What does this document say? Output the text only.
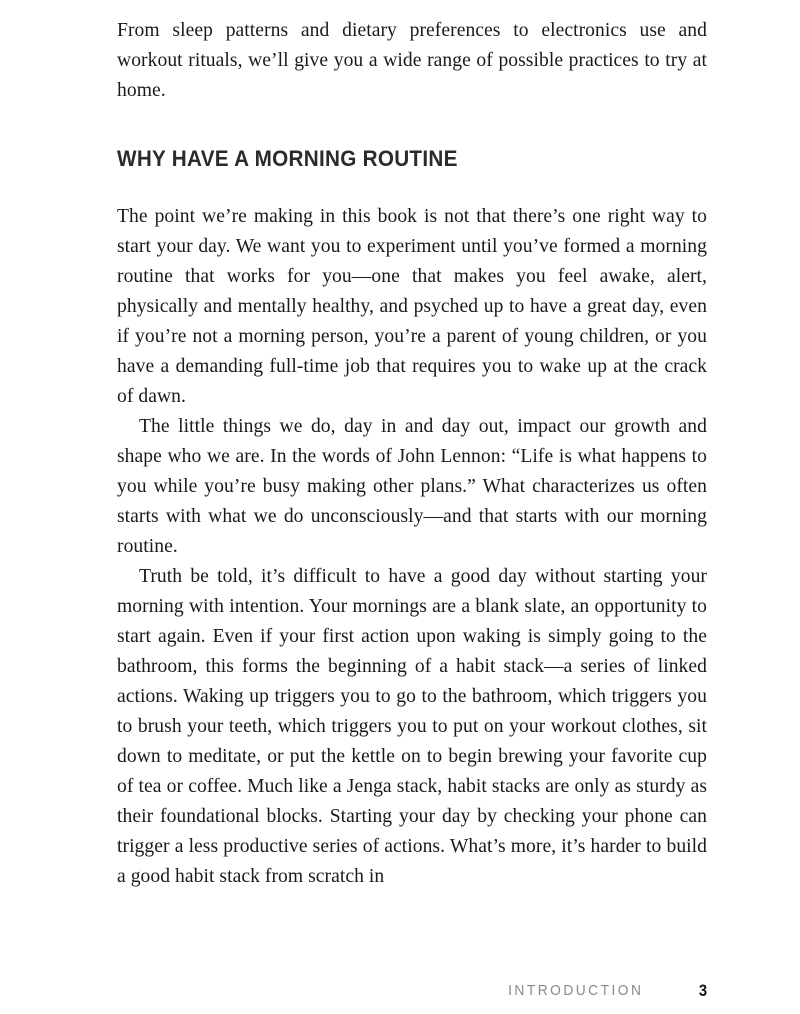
From sleep patterns and dietary preferences to electronics use and workout rituals, we’ll give you a wide range of possible practices to try at home.

WHY HAVE A MORNING ROUTINE

The point we’re making in this book is not that there’s one right way to start your day. We want you to experiment until you’ve formed a morning routine that works for you—one that makes you feel awake, alert, physically and mentally healthy, and psyched up to have a great day, even if you’re not a morning person, you’re a parent of young children, or you have a demanding full-time job that requires you to wake up at the crack of dawn.

The little things we do, day in and day out, impact our growth and shape who we are. In the words of John Lennon: “Life is what happens to you while you’re busy making other plans.” What characterizes us often starts with what we do unconsciously—and that starts with our morning routine.

Truth be told, it’s difficult to have a good day without starting your morning with intention. Your mornings are a blank slate, an opportunity to start again. Even if your first action upon waking is simply going to the bathroom, this forms the beginning of a habit stack—a series of linked actions. Waking up triggers you to go to the bathroom, which triggers you to brush your teeth, which triggers you to put on your workout clothes, sit down to meditate, or put the kettle on to begin brewing your favorite cup of tea or coffee. Much like a Jenga stack, habit stacks are only as sturdy as their foundational blocks. Starting your day by checking your phone can trigger a less productive series of actions. What’s more, it’s harder to build a good habit stack from scratch in

INTRODUCTION	3
